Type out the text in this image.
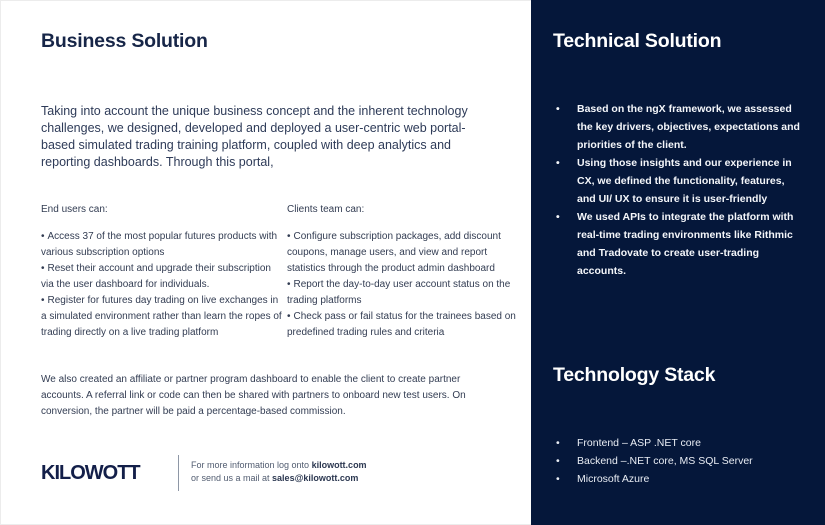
Business Solution

Taking into account the unique business concept and the inherent technology challenges, we designed, developed and deployed a user-centric web portal-based simulated trading training platform, coupled with deep analytics and reporting dashboards. Through this portal,

End users can:

• Access 37 of the most popular futures products with various subscription options

• Reset their account and upgrade their subscription via the user dashboard for individuals.

• Register for futures day trading on live exchanges in a simulated environment rather than learn the ropes of trading directly on a live trading platform

Clients team can:

• Configure subscription packages, add discount coupons, manage users, and view and report statistics through the product admin dashboard

• Report the day-to-day user account status on the trading platforms

• Check pass or fail status for the trainees based on predefined trading rules and criteria

We also created an affiliate or partner program dashboard to enable the client to create partner accounts. A referral link or code can then be shared with partners to onboard new test users. On conversion, the partner will be paid a percentage-based commission.

KILOWOTT	For more information log onto kilowott.com or send us a mail at sales@kilowott.com

Technical Solution
• Based on the ngX framework, we assessed the key drivers, objectives, expectations and priorities of the client.
• Using those insights and our experience in CX, we defined the functionality, features, and UI/ UX to ensure it is user-friendly
• We used APIs to integrate the platform with real-time trading environments like Rithmic and Tradovate to create user-trading accounts.
Technology Stack
• Frontend – ASP .NET core
• Backend –.NET core, MS SQL Server
• Microsoft Azure
